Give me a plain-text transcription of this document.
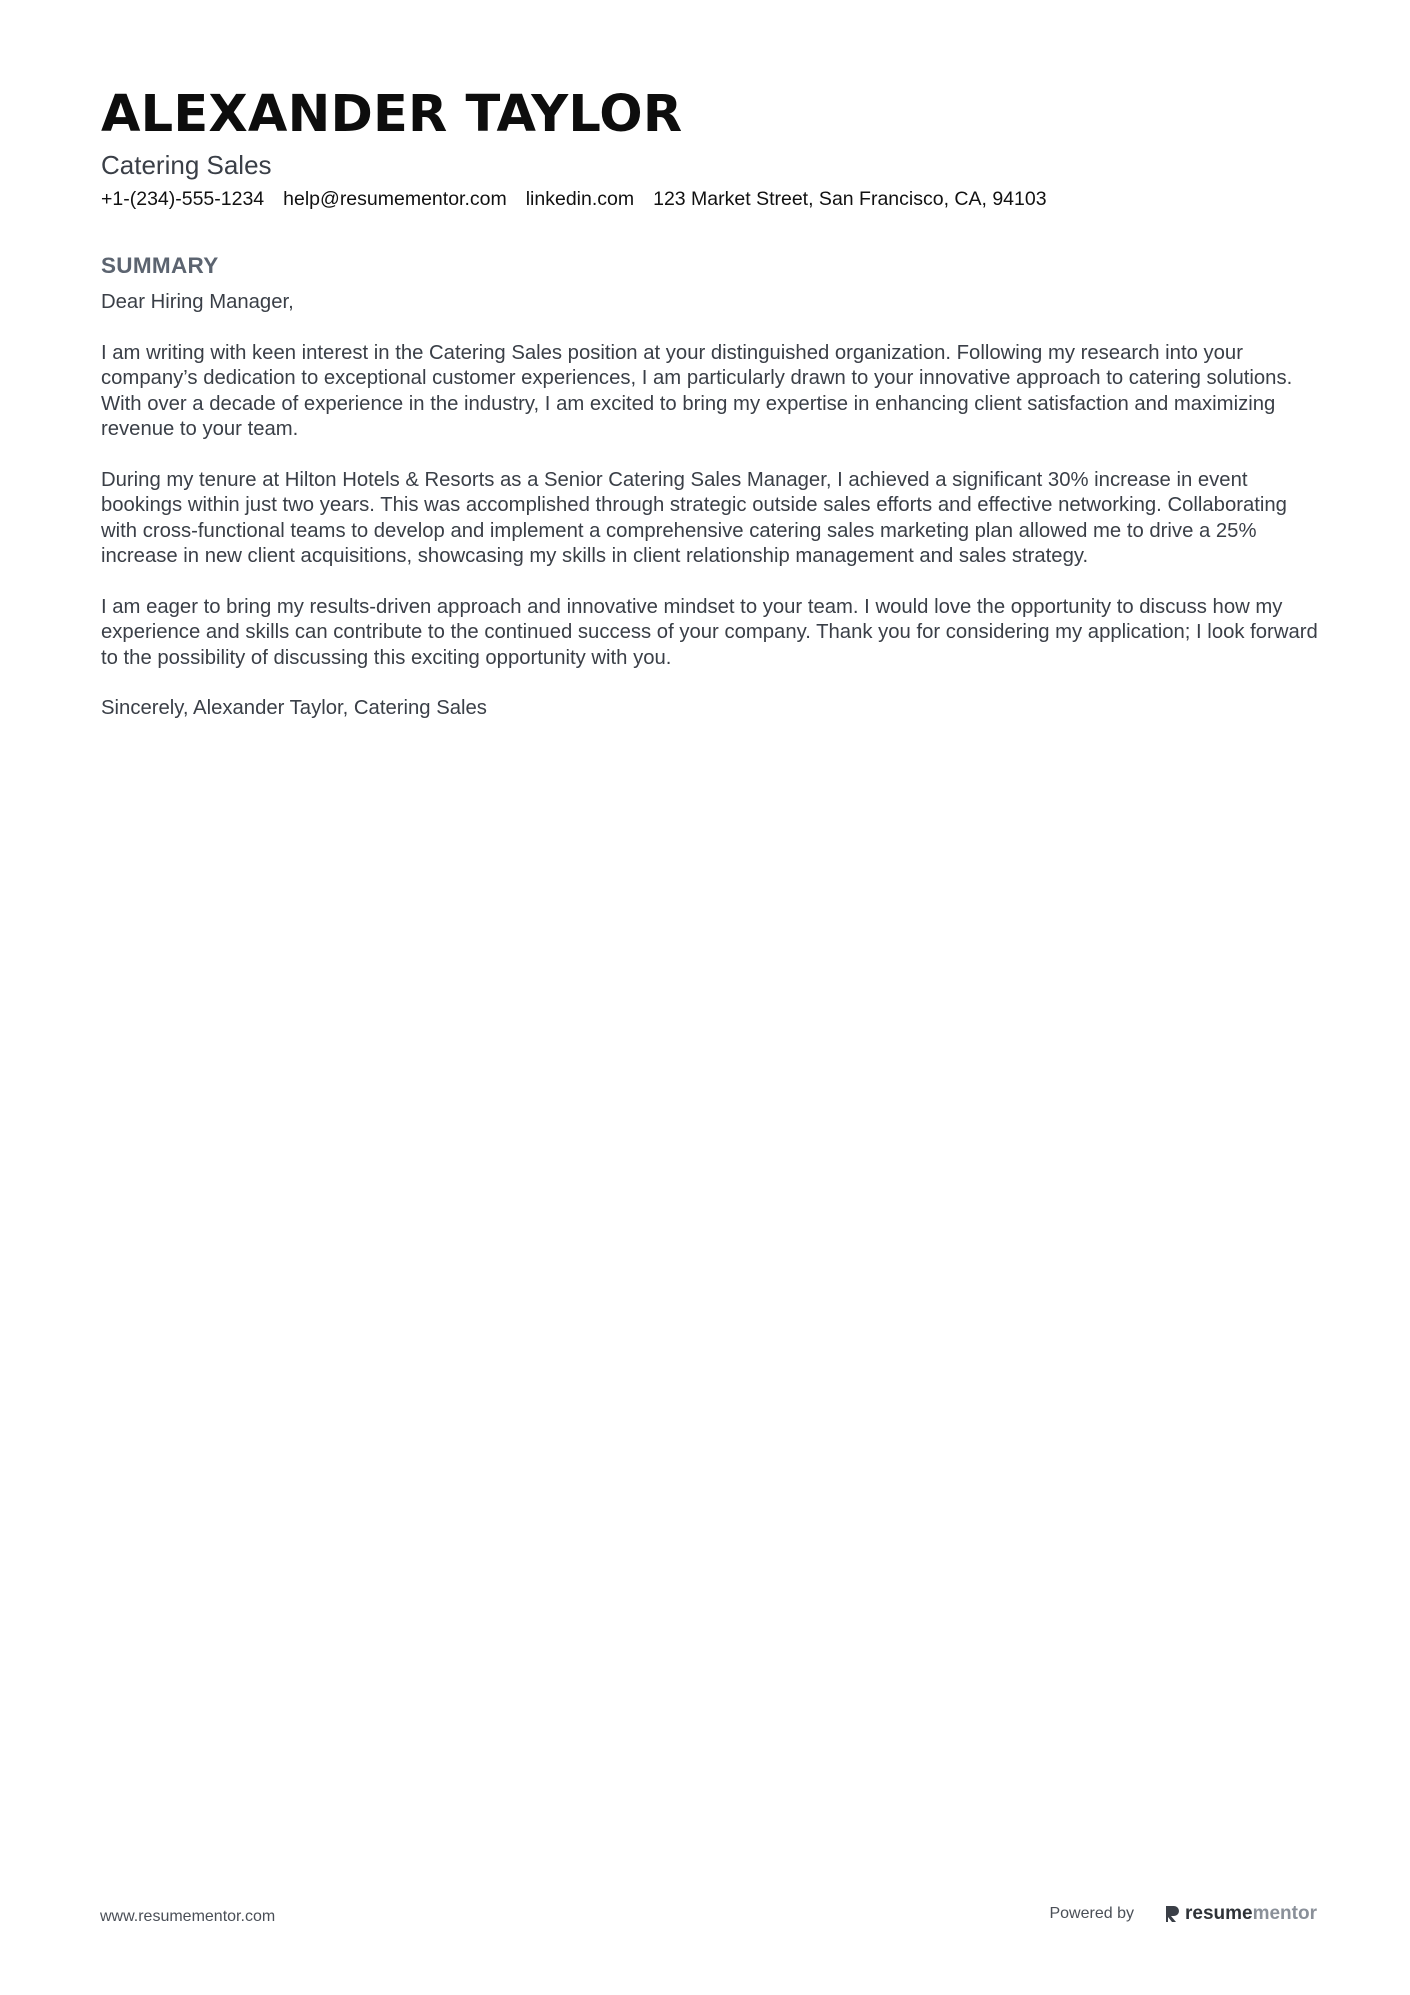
ALEXANDER TAYLOR
Catering Sales
+1-(234)-555-1234 help@resumementor.com linkedin.com 123 Market Street, San Francisco, CA, 94103
SUMMARY

Dear Hiring Manager,

I am writing with keen interest in the Catering Sales position at your distinguished organization. Following my research into your company’s dedication to exceptional customer experiences, I am particularly drawn to your innovative approach to catering solutions. With over a decade of experience in the industry, I am excited to bring my expertise in enhancing client satisfaction and maximizing revenue to your team.

During my tenure at Hilton Hotels & Resorts as a Senior Catering Sales Manager, I achieved a significant 30% increase in event bookings within just two years. This was accomplished through strategic outside sales efforts and effective networking. Collaborating with cross-functional teams to develop and implement a comprehensive catering sales marketing plan allowed me to drive a 25% increase in new client acquisitions, showcasing my skills in client relationship management and sales strategy.

I am eager to bring my results-driven approach and innovative mindset to your team. I would love the opportunity to discuss how my experience and skills can contribute to the continued success of your company. Thank you for considering my application; I look forward to the possibility of discussing this exciting opportunity with you.

Sincerely, Alexander Taylor, Catering Sales

www.resumementor.com	Powered by	resumementor
